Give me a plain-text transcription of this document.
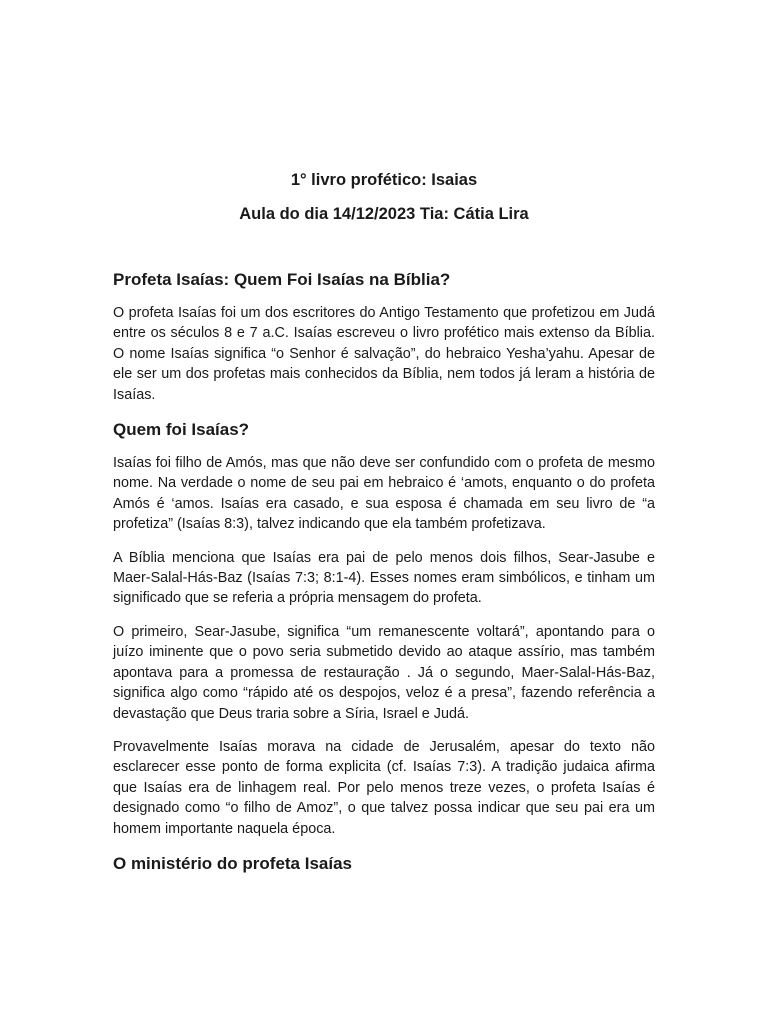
1° livro profético: Isaias

Aula do dia 14/12/2023 Tia: Cátia Lira

Profeta Isaías: Quem Foi Isaías na Bíblia?

O profeta Isaías foi um dos escritores do Antigo Testamento que profetizou em Judá entre os séculos 8 e 7 a.C. Isaías escreveu o livro profético mais extenso da Bíblia. O nome Isaías significa “o Senhor é salvação”, do hebraico Yesha’yahu. Apesar de ele ser um dos profetas mais conhecidos da Bíblia, nem todos já leram a história de Isaías.

Quem foi Isaías?

Isaías foi filho de Amós, mas que não deve ser confundido com o profeta de mesmo nome. Na verdade o nome de seu pai em hebraico é ‘amots, enquanto o do profeta Amós é ‘amos. Isaías era casado, e sua esposa é chamada em seu livro de “a profetiza” (Isaías 8:3), talvez indicando que ela também profetizava.

A Bíblia menciona que Isaías era pai de pelo menos dois filhos, Sear-Jasube e Maer-Salal-Hás-Baz (Isaías 7:3; 8:1-4). Esses nomes eram simbólicos, e tinham um significado que se referia a própria mensagem do profeta.

O primeiro, Sear-Jasube, significa “um remanescente voltará”, apontando para o juízo iminente que o povo seria submetido devido ao ataque assírio, mas também apontava para a promessa de restauração . Já o segundo, Maer-Salal-Hás-Baz, significa algo como “rápido até os despojos, veloz é a presa”, fazendo referência a devastação que Deus traria sobre a Síria, Israel e Judá.

Provavelmente Isaías morava na cidade de Jerusalém, apesar do texto não esclarecer esse ponto de forma explicita (cf. Isaías 7:3). A tradição judaica afirma que Isaías era de linhagem real. Por pelo menos treze vezes, o profeta Isaías é designado como “o filho de Amoz”, o que talvez possa indicar que seu pai era um homem importante naquela época.

O ministério do profeta Isaías
